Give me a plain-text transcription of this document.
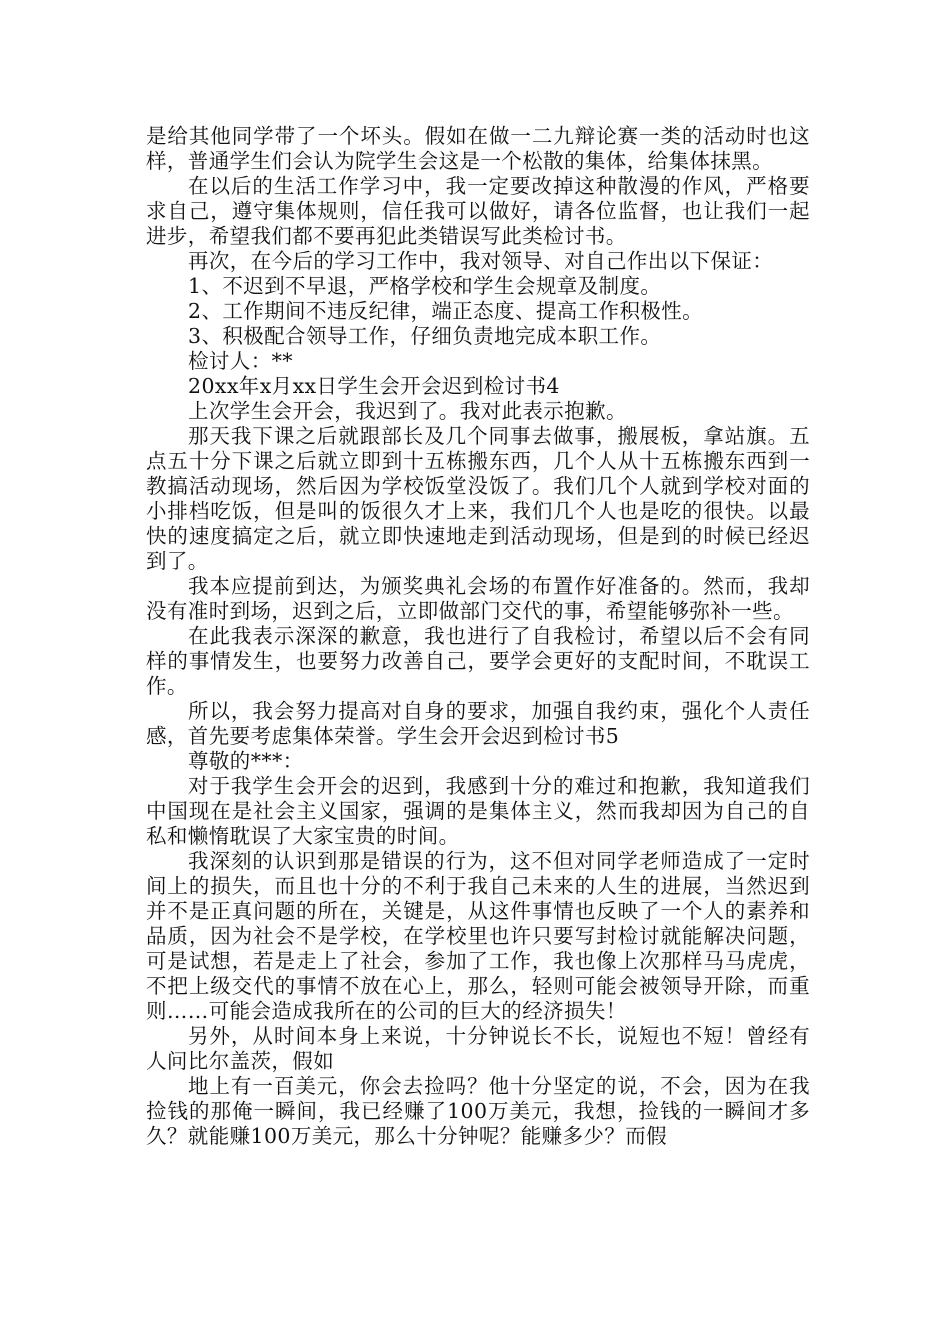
是给其他同学带了一个坏头。假如在做一二九辩论赛一类的活动时也这样，普通学生们会认为院学生会这是一个松散的集体，给集体抹黑。

在以后的生活工作学习中，我一定要改掉这种散漫的作风，严格要求自己，遵守集体规则，信任我可以做好，请各位监督，也让我们一起进步，希望我们都不要再犯此类错误写此类检讨书。

再次，在今后的学习工作中，我对领导、对自己作出以下保证：

1、不迟到不早退，严格学校和学生会规章及制度。

2、工作期间不违反纪律，端正态度、提高工作积极性。

3、积极配合领导工作，仔细负责地完成本职工作。

检讨人：**

20xx年x月xx日学生会开会迟到检讨书4

上次学生会开会，我迟到了。我对此表示抱歉。

那天我下课之后就跟部长及几个同事去做事，搬展板，拿站旗。五点五十分下课之后就立即到十五栋搬东西，几个人从十五栋搬东西到一教搞活动现场，然后因为学校饭堂没饭了。我们几个人就到学校对面的小排档吃饭，但是叫的饭很久才上来，我们几个人也是吃的很快。以最快的速度搞定之后，就立即快速地走到活动现场，但是到的时候已经迟到了。

我本应提前到达，为颁奖典礼会场的布置作好准备的。然而，我却没有准时到场，迟到之后，立即做部门交代的事，希望能够弥补一些。

在此我表示深深的歉意，我也进行了自我检讨，希望以后不会有同样的事情发生，也要努力改善自己，要学会更好的支配时间，不耽误工作。

所以，我会努力提高对自身的要求，加强自我约束，强化个人责任感，首先要考虑集体荣誉。学生会开会迟到检讨书5

尊敬的***：

对于我学生会开会的迟到，我感到十分的难过和抱歉，我知道我们中国现在是社会主义国家，强调的是集体主义，然而我却因为自己的自私和懒惰耽误了大家宝贵的时间。

我深刻的认识到那是错误的行为，这不但对同学老师造成了一定时间上的损失，而且也十分的不利于我自己未来的人生的进展，当然迟到并不是正真问题的所在，关键是，从这件事情也反映了一个人的素养和品质，因为社会不是学校，在学校里也许只要写封检讨就能解决问题，可是试想，若是走上了社会，参加了工作，我也像上次那样马马虎虎，不把上级交代的事情不放在心上，那么，轻则可能会被领导开除，而重则……可能会造成我所在的公司的巨大的经济损失！

另外，从时间本身上来说，十分钟说长不长，说短也不短！曾经有人问比尔盖茨，假如

地上有一百美元，你会去捡吗？他十分坚定的说，不会，因为在我捡钱的那俺一瞬间，我已经赚了100万美元，我想，捡钱的一瞬间才多久？就能赚100万美元，那么十分钟呢？能赚多少？而假
